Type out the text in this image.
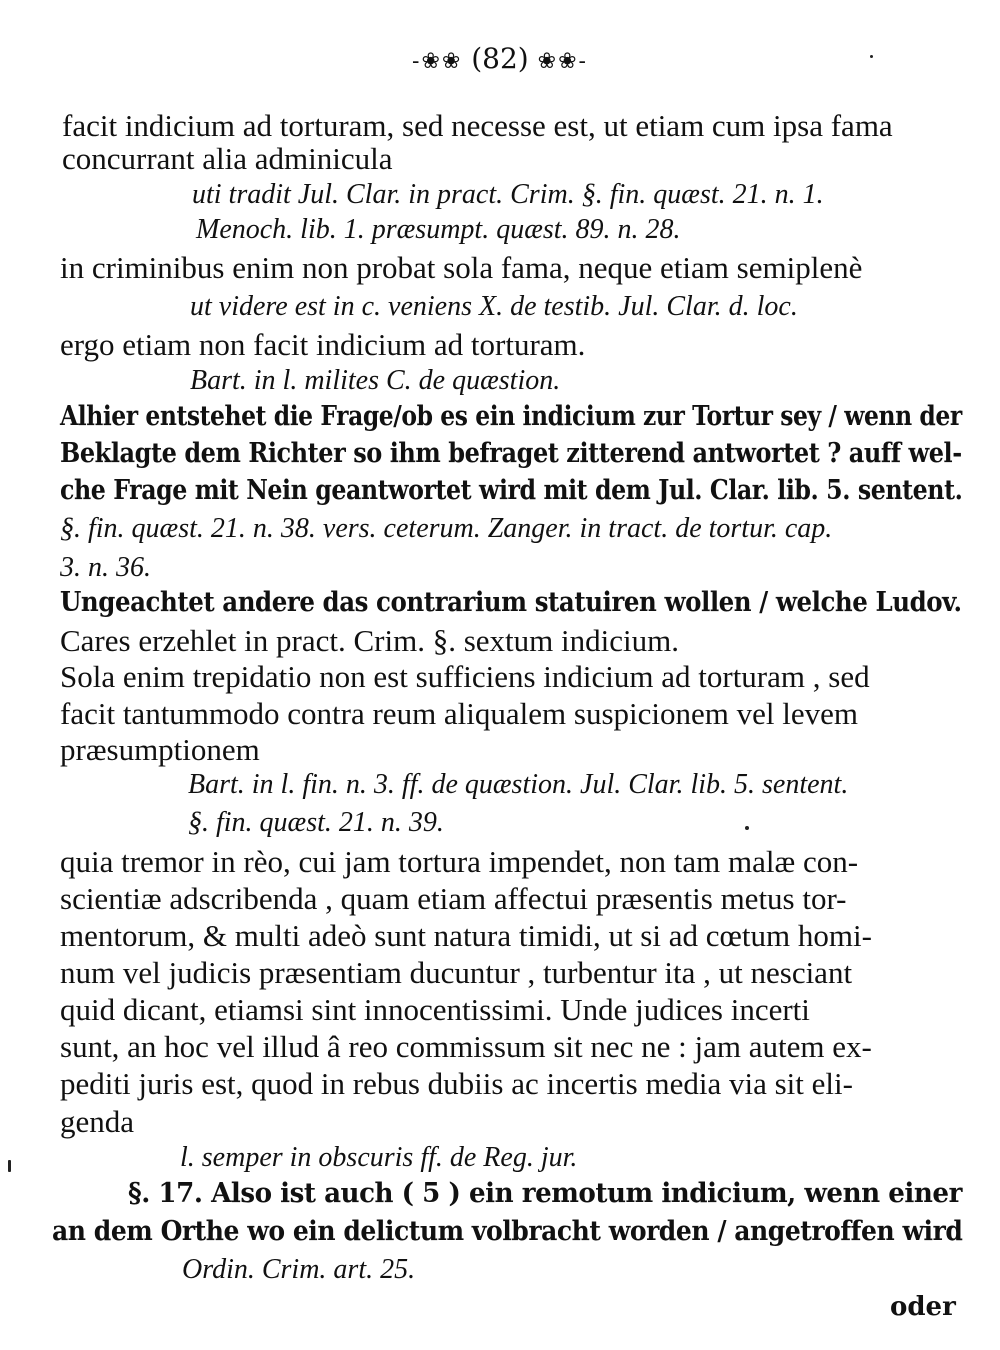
-❀❀ (82) ❀❀-
facit indicium ad torturam, sed necesse est, ut etiam cum ipsa fama
concurrant alia adminicula
uti tradit Jul. Clar. in pract. Crim. §. fin. quæst. 21. n. 1.
Menoch. lib. 1. præsumpt. quæst. 89. n. 28.
in criminibus enim non probat sola fama, neque etiam semiplenè
ut videre est in c. veniens X. de testib. Jul. Clar. d. loc.
ergo etiam non facit indicium ad torturam.
Bart. in l. milites C. de quæstion.
Alhier entstehet die Frage/ob es ein indicium zur Tortur sey / wenn der
Beklagte dem Richter so ihm befraget zitterend antwortet ? auff wel-
che Frage mit Nein geantwortet wird mit dem Jul. Clar. lib. 5. sentent.
§. fin. quæst. 21. n. 38. vers. ceterum. Zanger. in tract. de tortur. cap.
3. n. 36.
Ungeachtet andere das contrarium statuiren wollen / welche Ludov.
Cares erzehlet in pract. Crim. §. sextum indicium.
Sola enim trepidatio non est sufficiens indicium ad torturam , sed
facit tantummodo contra reum aliqualem suspicionem vel levem
præsumptionem
Bart. in l. fin. n. 3. ff. de quæstion. Jul. Clar. lib. 5. sentent.
§. fin. quæst. 21. n. 39.
quia tremor in rèo, cui jam tortura impendet, non tam malæ con-
scientiæ adscribenda , quam etiam affectui præsentis metus tor-
mentorum, & multi adeò sunt natura timidi, ut si ad cœtum homi-
num vel judicis præsentiam ducuntur , turbentur ita , ut nesciant
quid dicant, etiamsi sint innocentissimi. Unde judices incerti
sunt, an hoc vel illud â reo commissum sit nec ne : jam autem ex-
pediti juris est, quod in rebus dubiis ac incertis media via sit eli-
genda
l. semper in obscuris ff. de Reg. jur.
§. 17. Also ist auch ( 5 ) ein remotum indicium, wenn einer
an dem Orthe wo ein delictum volbracht worden / angetroffen wird
Ordin. Crim. art. 25.
oder
